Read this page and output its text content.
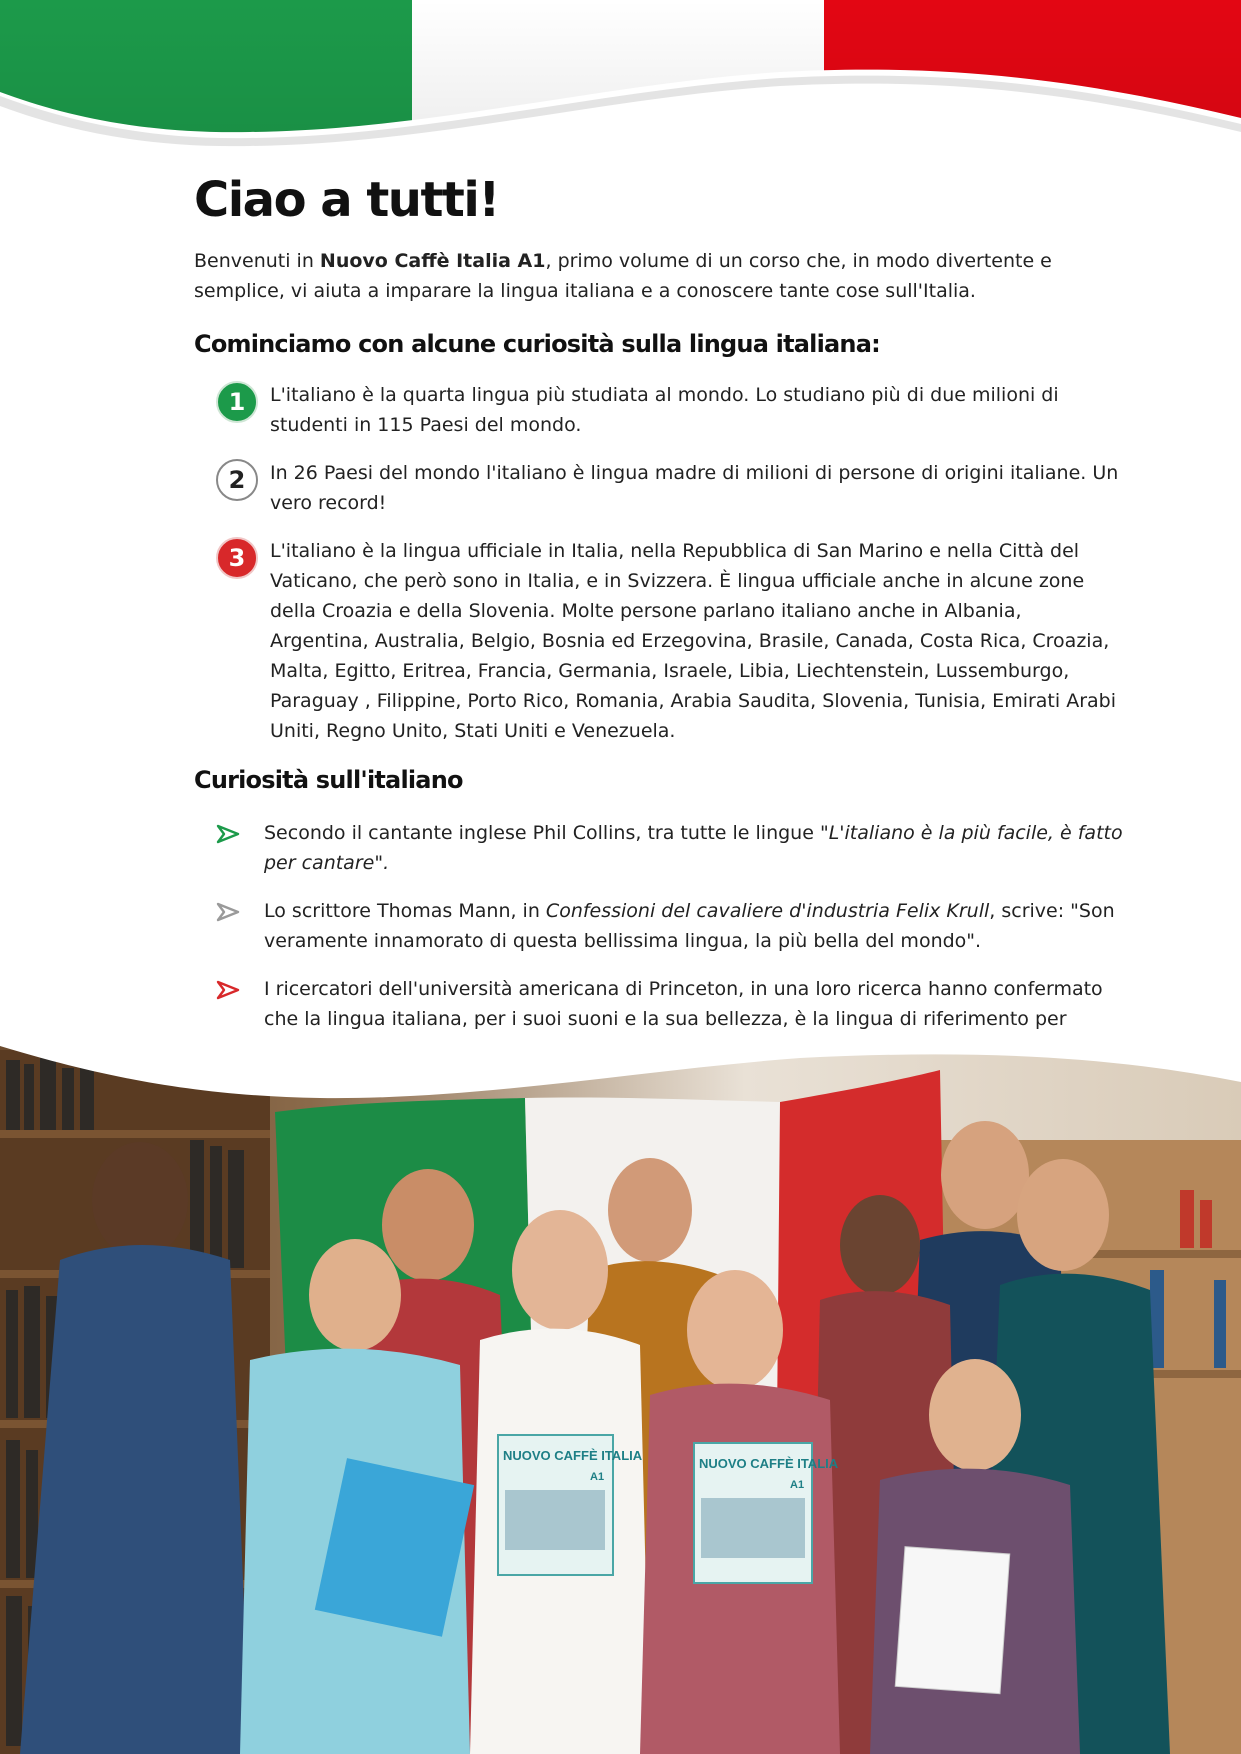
Ciao a tutti!

Benvenuti in Nuovo Caffè Italia A1, primo volume di un corso che, in modo divertente e semplice, vi aiuta a imparare la lingua italiana e a conoscere tante cose sull'Italia.

Cominciamo con alcune curiosità sulla lingua italiana:
1	L'italiano è la quarta lingua più studiata al mondo. Lo studiano più di due milioni di studenti in 115 Paesi del mondo.
2	In 26 Paesi del mondo l'italiano è lingua madre di milioni di persone di origini italiane. Un vero record!
3	L'italiano è la lingua ufficiale in Italia, nella Repubblica di San Marino e nella Città del Vaticano, che però sono in Italia, e in Svizzera. È lingua ufficiale anche in alcune zone della Croazia e della Slovenia. Molte persone parlano italiano anche in Albania, Argentina, Australia, Belgio, Bosnia ed Erzegovina, Brasile, Canada, Costa Rica, Croazia, Malta, Egitto, Eritrea, Francia, Germania, Israele, Libia, Liechtenstein, Lussemburgo, Paraguay , Filippine, Porto Rico, Romania, Arabia Saudita, Slovenia, Tunisia, Emirati Arabi Uniti, Regno Unito, Stati Uniti e Venezuela.
Curiosità sull'italiano
Secondo il cantante inglese Phil Collins, tra tutte le lingue "L'italiano è la più facile, è fatto per cantare".
Lo scrittore Thomas Mann, in Confessioni del cavaliere d'industria Felix Krull, scrive: "Son veramente innamorato di questa bellissima lingua, la più bella del mondo".
I ricercatori dell'università americana di Princeton, in una loro ricerca hanno confermato che la lingua italiana, per i suoi suoni e la sua bellezza, è la lingua di riferimento per
NUOVO CAFFÈ ITALIA
A1
NUOVO CAFFÈ ITALIA
A1
